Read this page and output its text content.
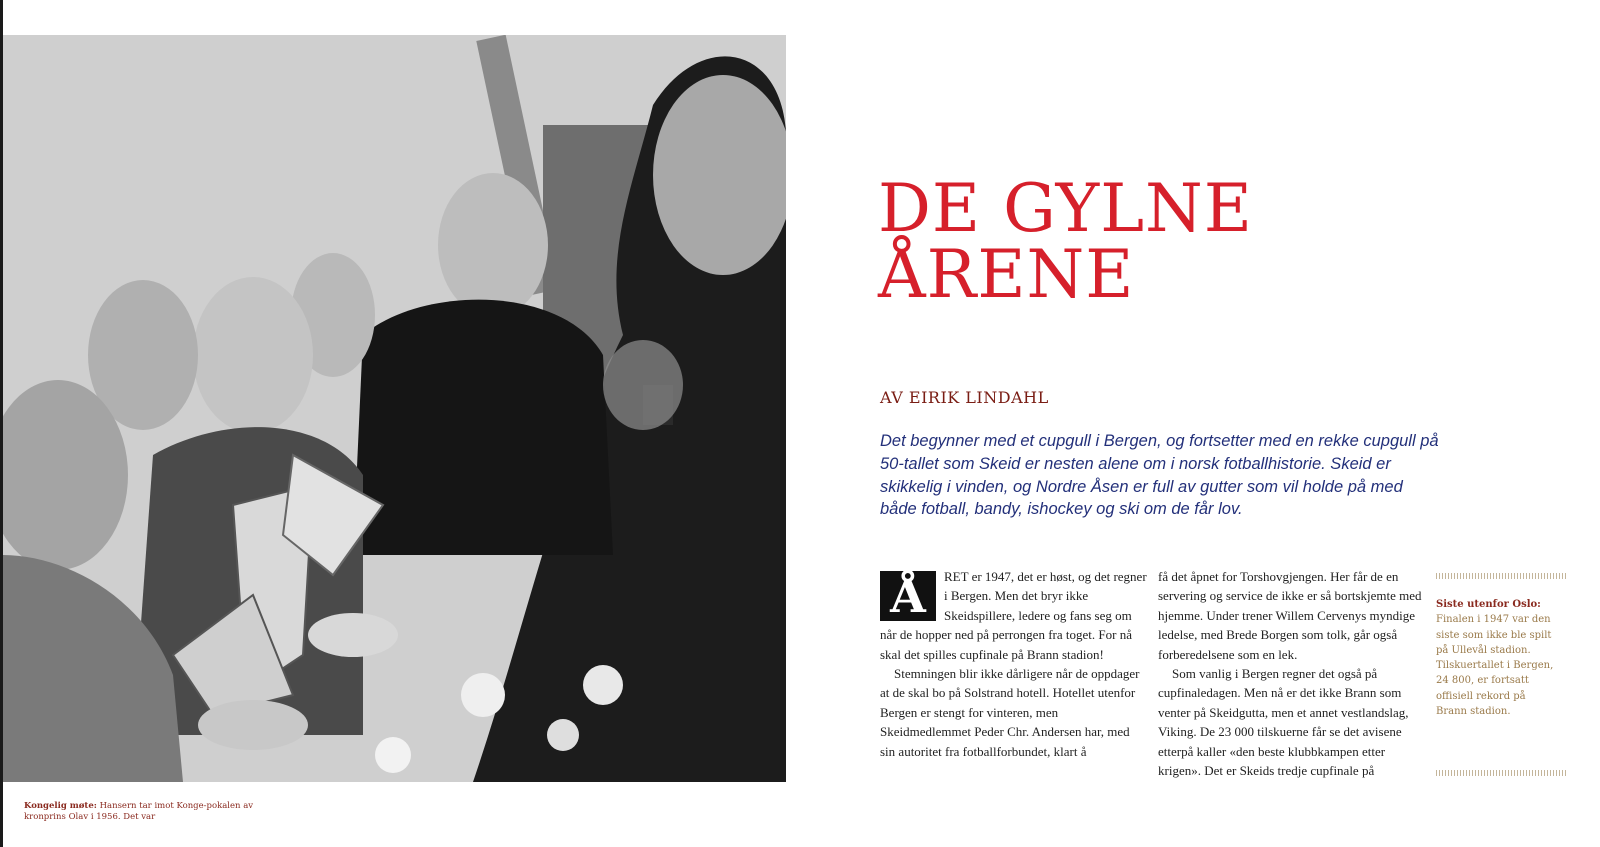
Kongelig møte: Hansern tar imot Konge-pokalen av kronprins Olav i 1956. Det var
DE GYLNE
ÅRENE
AV EIRIK LINDAHL
Det begynner med et cupgull i Bergen, og fortsetter med en rekke cupgull på 50-tallet som Skeid er nesten alene om i norsk fotballhistorie. Skeid er skikkelig i vinden, og Nordre Åsen er full av gutter som vil holde på med både fotball, bandy, ishockey og ski om de får lov.
Å	RET er 1947, det er høst, og det regner i Bergen. Men det bryr ikke Skeidspillere, ledere og fans seg om når de hopper ned på perrongen fra toget. For nå skal det spilles cupfinale på Brann stadion!

Stemningen blir ikke dårligere når de oppdager at de skal bo på Solstrand hotell. Hotellet utenfor Bergen er stengt for vinteren, men Skeidmedlemmet Peder Chr. Andersen har, med sin autoritet fra fotballforbundet, klart å

få det åpnet for Torshovgjengen. Her får de en servering og service de ikke er så bortskjemte med hjemme. Under trener Willem Cervenys myndige ledelse, med Brede Borgen som tolk, går også forberedelsene som en lek.

Som vanlig i Bergen regner det også på cupfinaledagen. Men nå er det ikke Brann som venter på Skeidgutta, men et annet vestlandslag, Viking. De 23 000 tilskuerne får se det avisene etterpå kaller «den beste klubbkampen etter krigen». Det er Skeids tredje cupfinale på

Siste utenfor Oslo:
Finalen i 1947 var den siste som ikke ble spilt på Ullevål stadion. Tilskuertallet i Bergen, 24 800, er fortsatt offisiell rekord på Brann stadion.
